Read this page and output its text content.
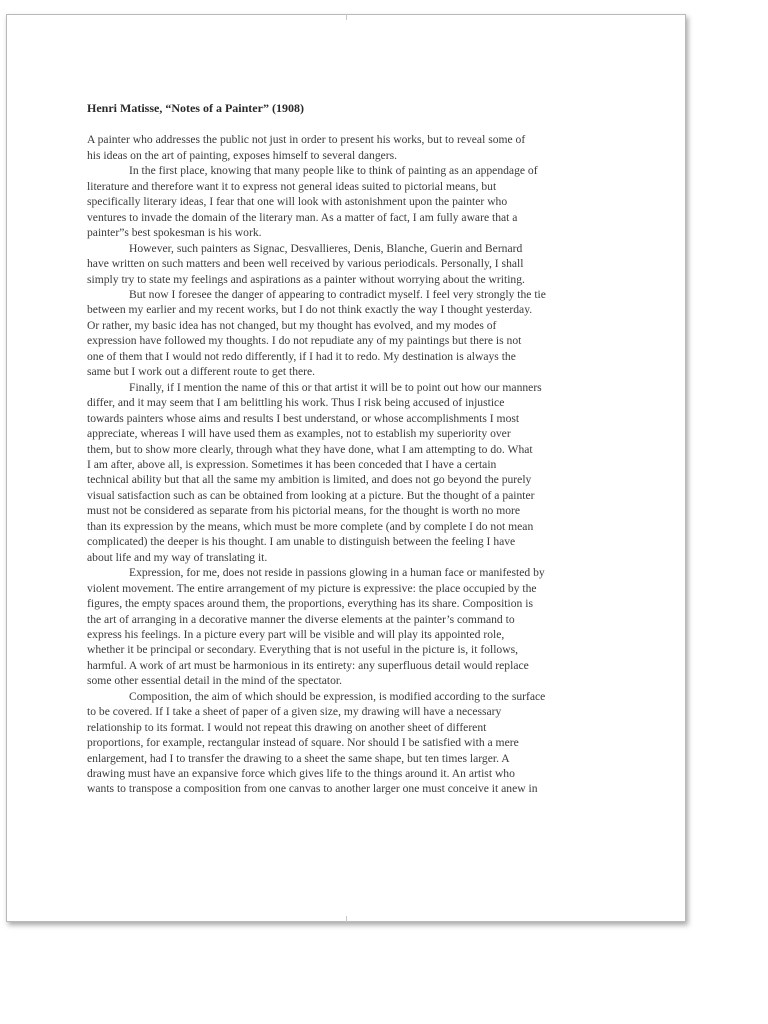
Henri Matisse, “Notes of a Painter” (1908)
A painter who addresses the public not just in order to present his works, but to reveal some of
his ideas on the art of painting, exposes himself to several dangers.
In the first place, knowing that many people like to think of painting as an appendage of
literature and therefore want it to express not general ideas suited to pictorial means, but
specifically literary ideas, I fear that one will look with astonishment upon the painter who
ventures to invade the domain of the literary man. As a matter of fact, I am fully aware that a
painter”s best spokesman is his work.
However, such painters as Signac, Desvallieres, Denis, Blanche, Guerin and Bernard
have written on such matters and been well received by various periodicals. Personally, I shall
simply try to state my feelings and aspirations as a painter without worrying about the writing.
But now I foresee the danger of appearing to contradict myself. I feel very strongly the tie
between my earlier and my recent works, but I do not think exactly the way I thought yesterday.
Or rather, my basic idea has not changed, but my thought has evolved, and my modes of
expression have followed my thoughts. I do not repudiate any of my paintings but there is not
one of them that I would not redo differently, if I had it to redo. My destination is always the
same but I work out a different route to get there.
Finally, if I mention the name of this or that artist it will be to point out how our manners
differ, and it may seem that I am belittling his work. Thus I risk being accused of injustice
towards painters whose aims and results I best understand, or whose accomplishments I most
appreciate, whereas I will have used them as examples, not to establish my superiority over
them, but to show more clearly, through what they have done, what I am attempting to do. What
I am after, above all, is expression. Sometimes it has been conceded that I have a certain
technical ability but that all the same my ambition is limited, and does not go beyond the purely
visual satisfaction such as can be obtained from looking at a picture. But the thought of a painter
must not be considered as separate from his pictorial means, for the thought is worth no more
than its expression by the means, which must be more complete (and by complete I do not mean
complicated) the deeper is his thought. I am unable to distinguish between the feeling I have
about life and my way of translating it.
Expression, for me, does not reside in passions glowing in a human face or manifested by
violent movement. The entire arrangement of my picture is expressive: the place occupied by the
figures, the empty spaces around them, the proportions, everything has its share. Composition is
the art of arranging in a decorative manner the diverse elements at the painter’s command to
express his feelings. In a picture every part will be visible and will play its appointed role,
whether it be principal or secondary. Everything that is not useful in the picture is, it follows,
harmful. A work of art must be harmonious in its entirety: any superfluous detail would replace
some other essential detail in the mind of the spectator.
Composition, the aim of which should be expression, is modified according to the surface
to be covered. If I take a sheet of paper of a given size, my drawing will have a necessary
relationship to its format. I would not repeat this drawing on another sheet of different
proportions, for example, rectangular instead of square. Nor should I be satisfied with a mere
enlargement, had I to transfer the drawing to a sheet the same shape, but ten times larger. A
drawing must have an expansive force which gives life to the things around it. An artist who
wants to transpose a composition from one canvas to another larger one must conceive it anew in
